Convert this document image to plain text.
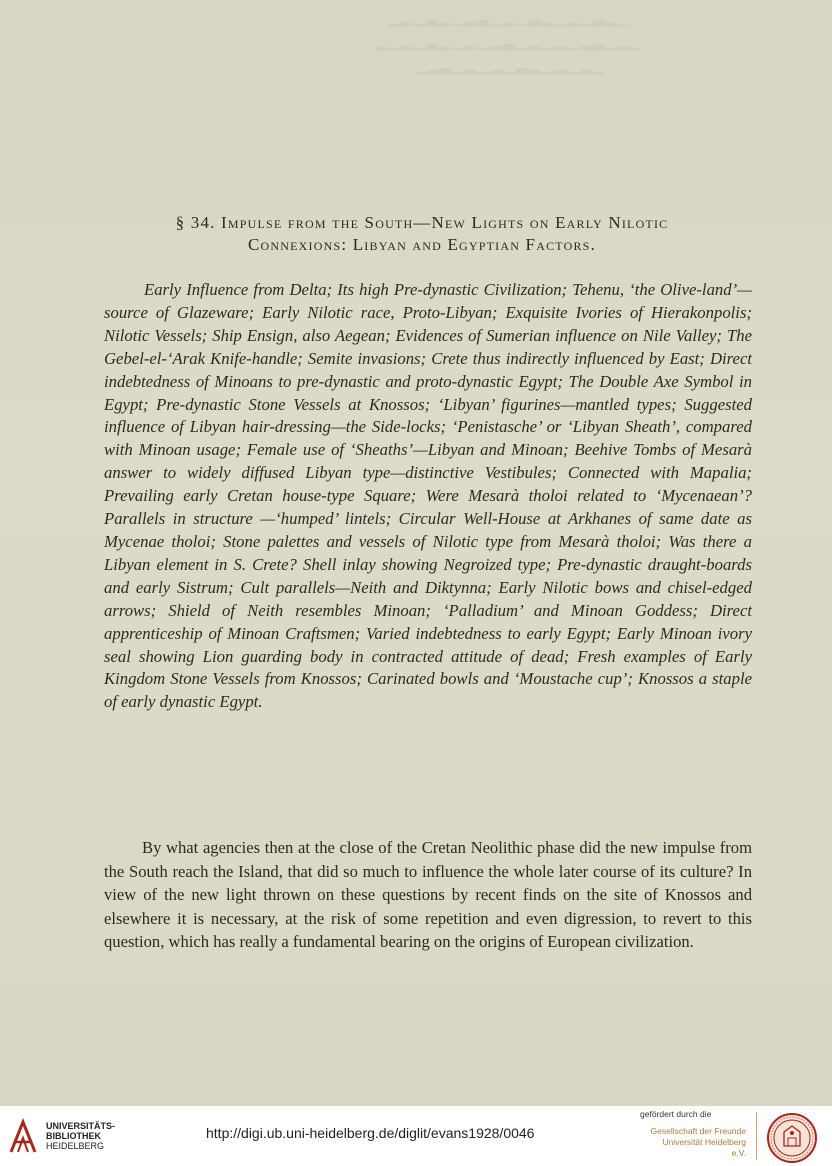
▁▂▁▃▂▁▂▃▁▂▁▃▂▁▂▁▃▂▁
▂▁▂▁▃▂▁▂▁▂▃▁▂▁▂▁▂▃▁▂▁
▁▂▃▁▂▁▂▁▃▂▁▂▁▂▁
§ 34. Impulse from the South—New Lights on Early Nilotic
Connexions: Libyan and Egyptian Factors.

Early Influence from Delta; Its high Pre-dynastic Civilization; Tehenu, ‘the Olive-land’—source of Glazeware; Early Nilotic race, Proto-Libyan; Exquisite Ivories of Hierakonpolis; Nilotic Vessels; Ship Ensign, also Aegean; Evidences of Sumerian influence on Nile Valley; The Gebel-el-‘Arak Knife-handle; Semite invasions; Crete thus indirectly influenced by East; Direct indebtedness of Minoans to pre-dynastic and proto-dynastic Egypt; The Double Axe Symbol in Egypt; Pre-dynastic Stone Vessels at Knossos; ‘Libyan’ figurines—mantled types; Suggested influence of Libyan hair-dressing—the Side-locks; ‘Penistasche’ or ‘Libyan Sheath’, compared with Minoan usage; Female use of ‘Sheaths’—Libyan and Minoan; Beehive Tombs of Mesarà answer to widely diffused Libyan type—distinctive Vestibules; Connected with Mapalia; Prevailing early Cretan house-type Square; Were Mesarà tholoi related to ‘Mycenaean’? Parallels in structure —‘humped’ lintels; Circular Well-House at Arkhanes of same date as Mycenae tholoi; Stone palettes and vessels of Nilotic type from Mesarà tholoi; Was there a Libyan element in S. Crete? Shell inlay showing Negroized type; Pre-dynastic draught-boards and early Sistrum; Cult parallels—Neith and Diktynna; Early Nilotic bows and chisel-edged arrows; Shield of Neith resembles Minoan; ‘Palladium’ and Minoan Goddess; Direct apprenticeship of Minoan Craftsmen; Varied indebtedness to early Egypt; Early Minoan ivory seal showing Lion guarding body in contracted attitude of dead; Fresh examples of Early Kingdom Stone Vessels from Knossos; Carinated bowls and ‘Moustache cup’; Knossos a staple of early dynastic Egypt.

By what agencies then at the close of the Cretan Neolithic phase did the new impulse from the South reach the Island, that did so much to influence the whole later course of its culture? In view of the new light thrown on these questions by recent finds on the site of Knossos and elsewhere it is necessary, at the risk of some repetition and even digression, to revert to this question, which has really a fundamental bearing on the origins of European civilization.

UNIVERSITÄTS-
BIBLIOTHEK
HEIDELBERG
http://digi.ub.uni-heidelberg.de/diglit/evans1928/0046
gefördert durch die
Gesellschaft der Freunde
Universität Heidelberg e.V.
